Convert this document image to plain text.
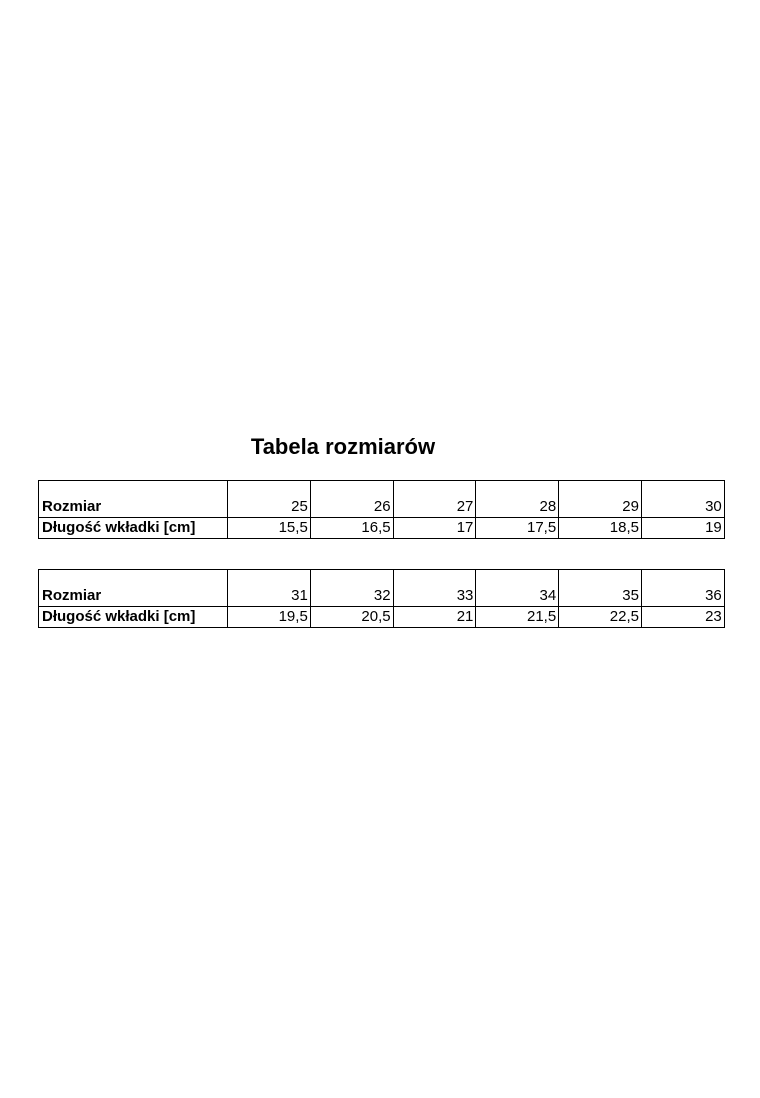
Tabela rozmiarów
Rozmiar	25	26	27	28	29	30
Długość wkładki [cm]	15,5	16,5	17	17,5	18,5	19
Rozmiar	31	32	33	34	35	36
Długość wkładki [cm]	19,5	20,5	21	21,5	22,5	23
